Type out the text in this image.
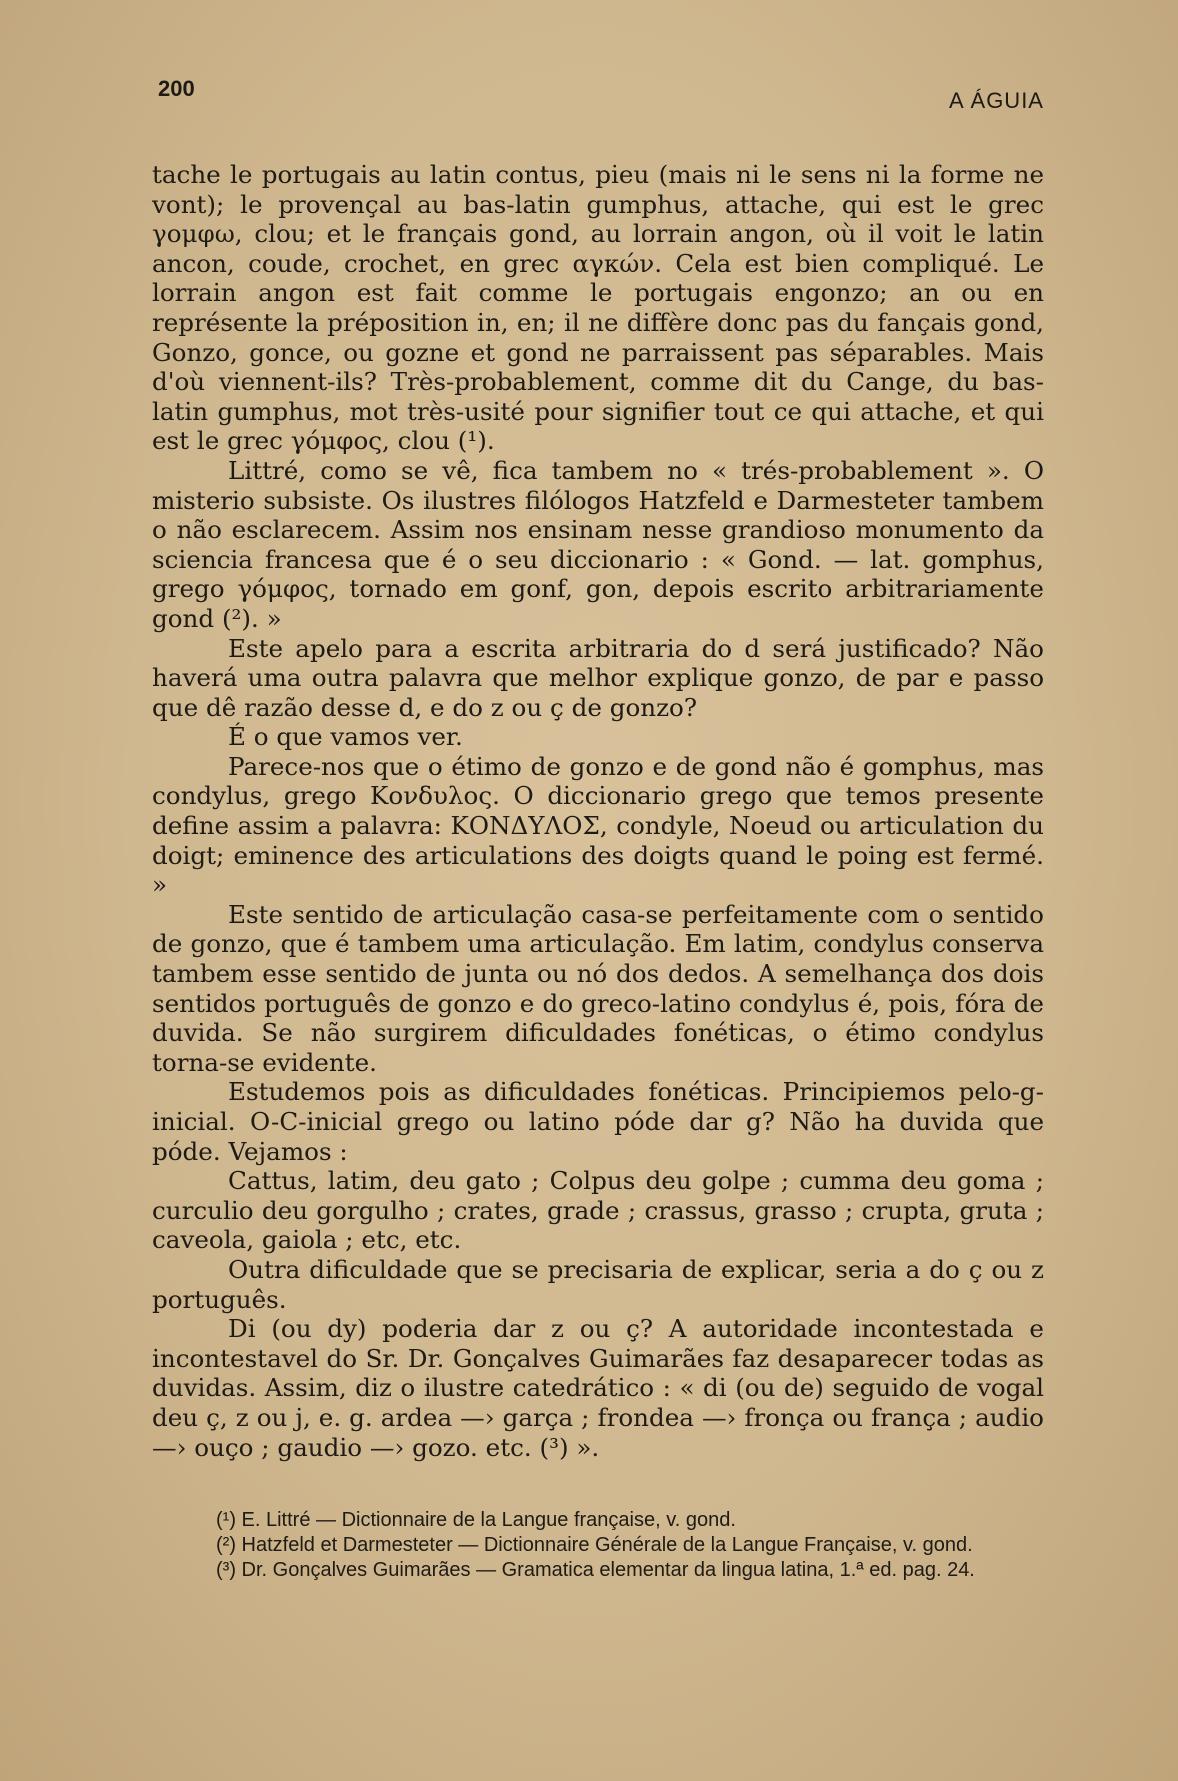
200	A ÁGUIA

tache le portugais au latin contus, pieu (mais ni le sens ni la forme ne vont); le provençal au bas-latin gumphus, attache, qui est le grec γομφω, clou; et le français gond, au lorrain angon, où il voit le latin ancon, coude, crochet, en grec αγκών. Cela est bien compliqué. Le lorrain angon est fait comme le portugais engonzo; an ou en représente la préposition in, en; il ne diffère donc pas du fançais gond, Gonzo, gonce, ou gozne et gond ne parraissent pas séparables. Mais d'où viennent-ils? Très-probablement, comme dit du Cange, du bas-latin gumphus, mot très-usité pour signifier tout ce qui attache, et qui est le grec γόμφος, clou (¹).

Littré, como se vê, fica tambem no « trés-probablement ». O misterio subsiste. Os ilustres filólogos Hatzfeld e Darmesteter tambem o não esclarecem. Assim nos ensinam nesse grandioso monumento da sciencia francesa que é o seu diccionario : « Gond. — lat. gomphus, grego γόμφος, tornado em gonf, gon, depois escrito arbitrariamente gond (²). »

Este apelo para a escrita arbitraria do d será justificado? Não haverá uma outra palavra que melhor explique gonzo, de par e passo que dê razão desse d, e do z ou ç de gonzo?

É o que vamos ver.

Parece-nos que o étimo de gonzo e de gond não é gomphus, mas condylus, grego Κονδυλος. O diccionario grego que temos presente define assim a palavra: ΚΟΝΔΥΛΟΣ, condyle, Noeud ou articulation du doigt; eminence des articulations des doigts quand le poing est fermé. »

Este sentido de articulação casa-se perfeitamente com o sentido de gonzo, que é tambem uma articulação. Em latim, condylus conserva tambem esse sentido de junta ou nó dos dedos. A semelhança dos dois sentidos português de gonzo e do greco-latino condylus é, pois, fóra de duvida. Se não surgirem dificuldades fonéticas, o étimo condylus torna-se evidente.

Estudemos pois as dificuldades fonéticas. Principiemos pelo-g-inicial. O-C-inicial grego ou latino póde dar g? Não ha duvida que póde. Vejamos :

Cattus, latim, deu gato ; Colpus deu golpe ; cumma deu goma ; curculio deu gorgulho ; crates, grade ; crassus, grasso ; crupta, gruta ; caveola, gaiola ; etc, etc.

Outra dificuldade que se precisaria de explicar, seria a do ç ou z português.

Di (ou dy) poderia dar z ou ç? A autoridade incontestada e incontestavel do Sr. Dr. Gonçalves Guimarães faz desaparecer todas as duvidas. Assim, diz o ilustre catedrático : « di (ou de) seguido de vogal deu ç, z ou j, e. g. ardea —› garça ; frondea —› fronça ou frança ; audio —› ouço ; gaudio —› gozo. etc. (³) ».

(¹) E. Littré — Dictionnaire de la Langue française, v. gond.

(²) Hatzfeld et Darmesteter — Dictionnaire Générale de la Langue Française, v. gond.

(³) Dr. Gonçalves Guimarães — Gramatica elementar da lingua latina, 1.ª ed. pag. 24.
